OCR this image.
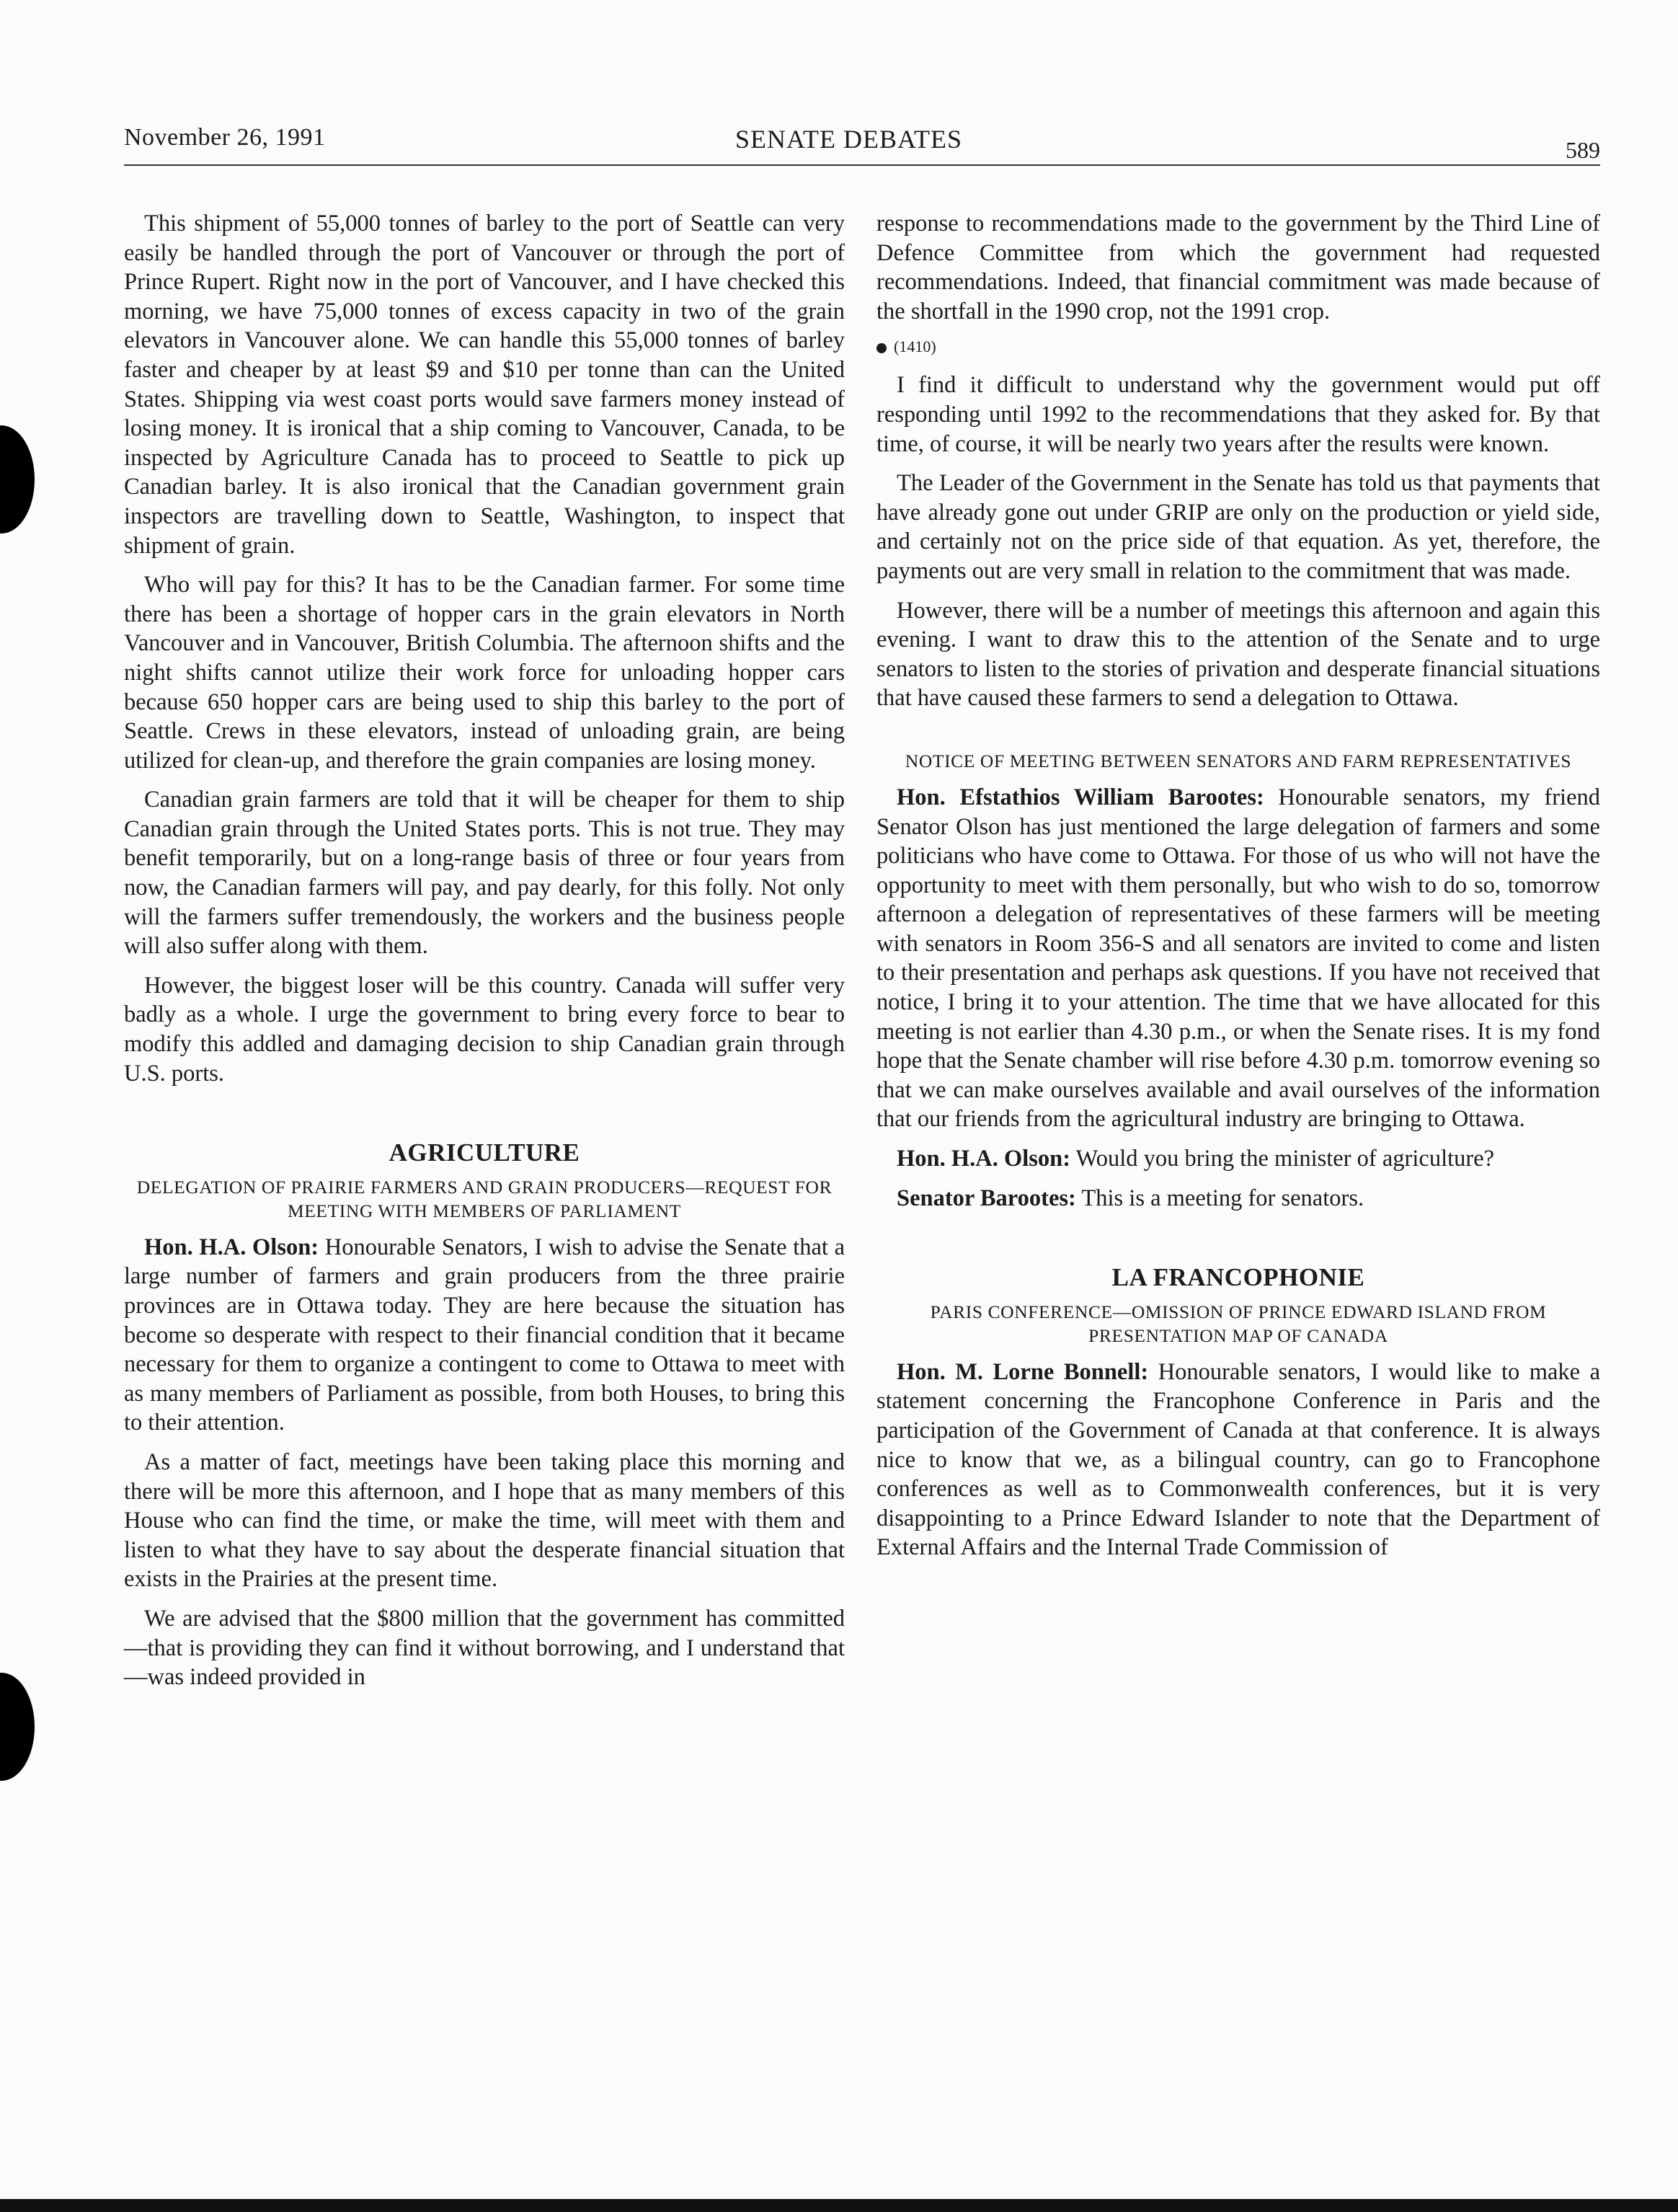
November 26, 1991	SENATE DEBATES	589

This shipment of 55,000 tonnes of barley to the port of Seattle can very easily be handled through the port of Vancouver or through the port of Prince Rupert. Right now in the port of Vancouver, and I have checked this morning, we have 75,000 tonnes of excess capacity in two of the grain elevators in Vancouver alone. We can handle this 55,000 tonnes of barley faster and cheaper by at least $9 and $10 per tonne than can the United States. Shipping via west coast ports would save farmers money instead of losing money. It is ironical that a ship coming to Vancouver, Canada, to be inspected by Agriculture Canada has to proceed to Seattle to pick up Canadian barley. It is also ironical that the Canadian government grain inspectors are travelling down to Seattle, Washington, to inspect that shipment of grain.

Who will pay for this? It has to be the Canadian farmer. For some time there has been a shortage of hopper cars in the grain elevators in North Vancouver and in Vancouver, British Columbia. The afternoon shifts and the night shifts cannot utilize their work force for unloading hopper cars because 650 hopper cars are being used to ship this barley to the port of Seattle. Crews in these elevators, instead of unloading grain, are being utilized for clean-up, and therefore the grain companies are losing money.

Canadian grain farmers are told that it will be cheaper for them to ship Canadian grain through the United States ports. This is not true. They may benefit temporarily, but on a long-range basis of three or four years from now, the Canadian farmers will pay, and pay dearly, for this folly. Not only will the farmers suffer tremendously, the workers and the business people will also suffer along with them.

However, the biggest loser will be this country. Canada will suffer very badly as a whole. I urge the government to bring every force to bear to modify this addled and damaging decision to ship Canadian grain through U.S. ports.

AGRICULTURE
DELEGATION OF PRAIRIE FARMERS AND GRAIN PRODUCERS—REQUEST FOR MEETING WITH MEMBERS OF PARLIAMENT

Hon. H.A. Olson: Honourable Senators, I wish to advise the Senate that a large number of farmers and grain producers from the three prairie provinces are in Ottawa today. They are here because the situation has become so desperate with respect to their financial condition that it became necessary for them to organize a contingent to come to Ottawa to meet with as many members of Parliament as possible, from both Houses, to bring this to their attention.

As a matter of fact, meetings have been taking place this morning and there will be more this afternoon, and I hope that as many members of this House who can find the time, or make the time, will meet with them and listen to what they have to say about the desperate financial situation that exists in the Prairies at the present time.

We are advised that the $800 million that the government has committed—that is providing they can find it without borrowing, and I understand that—was indeed provided in

response to recommendations made to the government by the Third Line of Defence Committee from which the government had requested recommendations. Indeed, that financial commitment was made because of the shortfall in the 1990 crop, not the 1991 crop.

(1410)

I find it difficult to understand why the government would put off responding until 1992 to the recommendations that they asked for. By that time, of course, it will be nearly two years after the results were known.

The Leader of the Government in the Senate has told us that payments that have already gone out under GRIP are only on the production or yield side, and certainly not on the price side of that equation. As yet, therefore, the payments out are very small in relation to the commitment that was made.

However, there will be a number of meetings this afternoon and again this evening. I want to draw this to the attention of the Senate and to urge senators to listen to the stories of privation and desperate financial situations that have caused these farmers to send a delegation to Ottawa.

NOTICE OF MEETING BETWEEN SENATORS AND FARM REPRESENTATIVES

Hon. Efstathios William Barootes: Honourable senators, my friend Senator Olson has just mentioned the large delegation of farmers and some politicians who have come to Ottawa. For those of us who will not have the opportunity to meet with them personally, but who wish to do so, tomorrow afternoon a delegation of representatives of these farmers will be meeting with senators in Room 356-S and all senators are invited to come and listen to their presentation and perhaps ask questions. If you have not received that notice, I bring it to your attention. The time that we have allocated for this meeting is not earlier than 4.30 p.m., or when the Senate rises. It is my fond hope that the Senate chamber will rise before 4.30 p.m. tomorrow evening so that we can make ourselves available and avail ourselves of the information that our friends from the agricultural industry are bringing to Ottawa.

Hon. H.A. Olson: Would you bring the minister of agriculture?

Senator Barootes: This is a meeting for senators.

LA FRANCOPHONIE
PARIS CONFERENCE—OMISSION OF PRINCE EDWARD ISLAND FROM PRESENTATION MAP OF CANADA

Hon. M. Lorne Bonnell: Honourable senators, I would like to make a statement concerning the Francophone Conference in Paris and the participation of the Government of Canada at that conference. It is always nice to know that we, as a bilingual country, can go to Francophone conferences as well as to Commonwealth conferences, but it is very disappointing to a Prince Edward Islander to note that the Department of External Affairs and the Internal Trade Commission of
